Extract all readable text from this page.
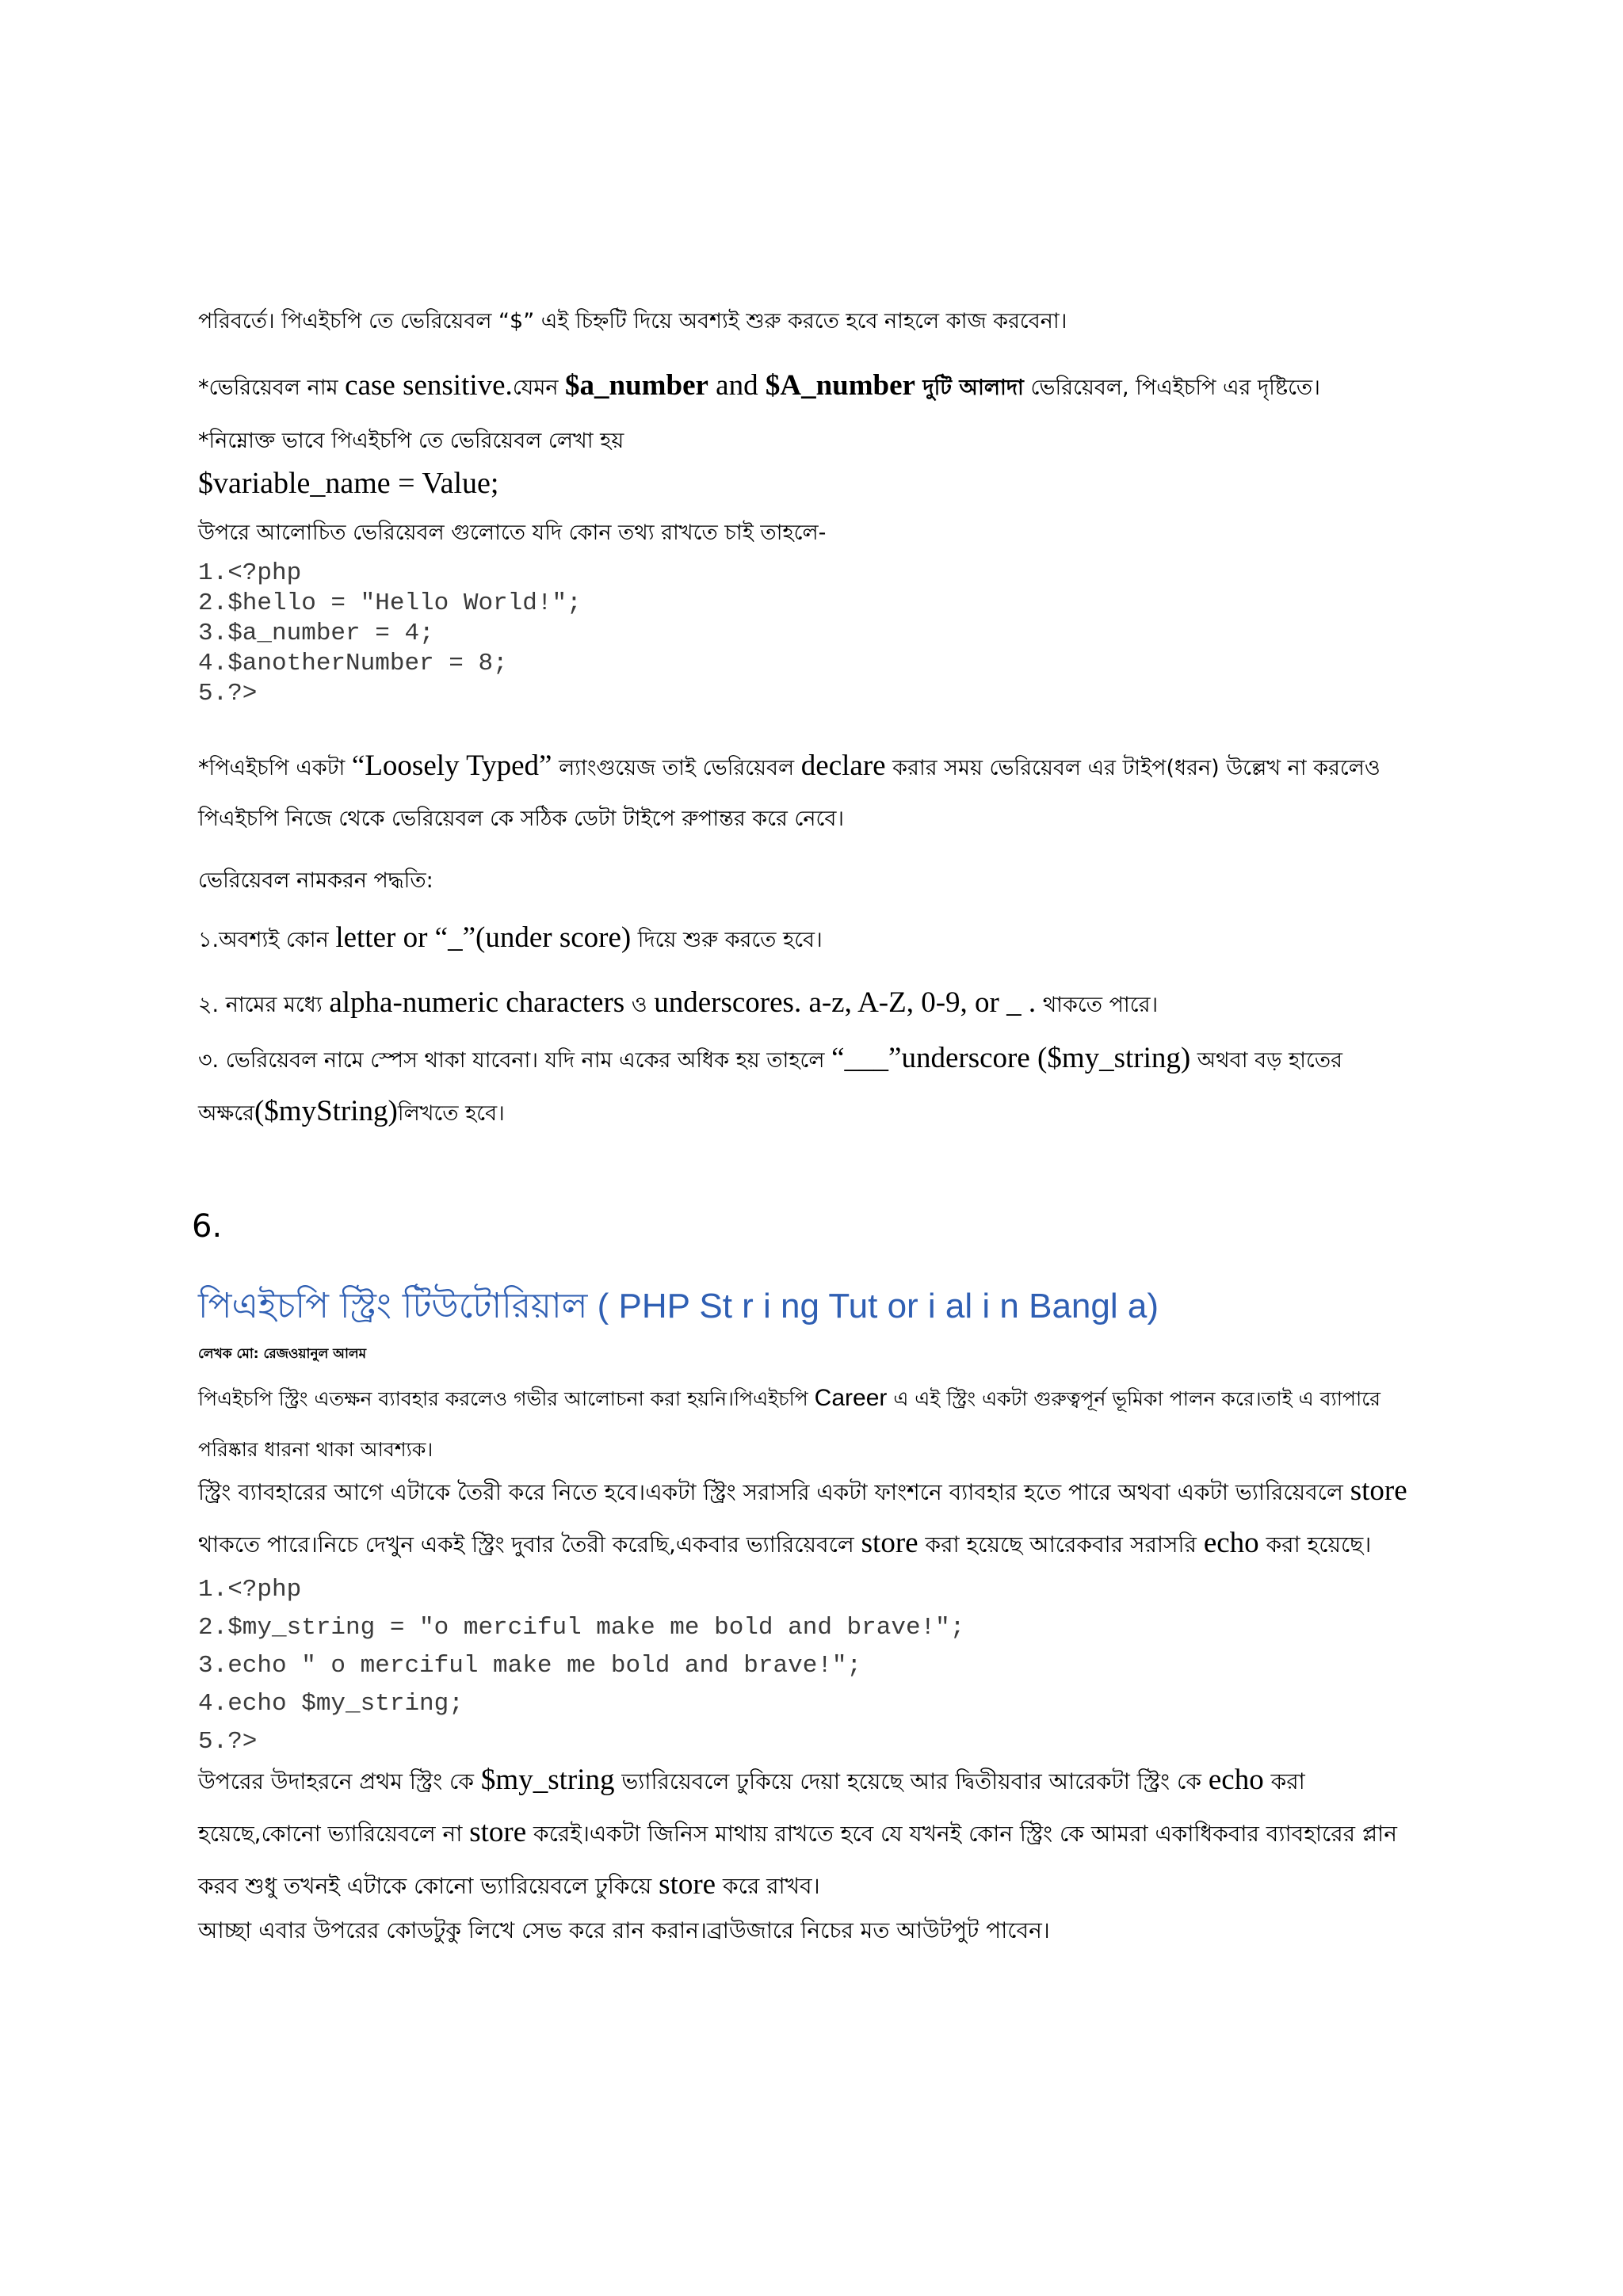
পরিবর্তে। পিএইচপি তে ভেরিয়েবল “$” এই চিহ্নটি দিয়ে অবশ্যই শুরু করতে হবে নাহলে কাজ করবেনা।
*ভেরিয়েবল নাম case sensitive.যেমন $a_number and $A_number দুটি আলাদা ভেরিয়েবল, পিএইচপি এর দৃষ্টিতে।
*নিম্নোক্ত ভাবে পিএইচপি তে ভেরিয়েবল লেখা হয়
$variable_name = Value;
উপরে আলোচিত ভেরিয়েবল গুলোতে যদি কোন তথ্য রাখতে চাই তাহলে-
1.<?php
2.$hello = "Hello World!";
3.$a_number = 4;
4.$anotherNumber = 8;
5.?>
*পিএইচপি একটা “Loosely Typed” ল্যাংগুয়েজ তাই ভেরিয়েবল declare করার সময় ভেরিয়েবল এর টাইপ(ধরন) উল্লেখ না করলেও পিএইচপি নিজে থেকে ভেরিয়েবল কে সঠিক ডেটা টাইপে রুপান্তর করে নেবে।
ভেরিয়েবল নামকরন পদ্ধতি:
১.অবশ্যই কোন letter or “_”(under score) দিয়ে শুরু করতে হবে।
২. নামের মধ্যে alpha-numeric characters ও underscores. a-z, A-Z, 0-9, or _ . থাকতে পারে।
৩. ভেরিয়েবল নামে স্পেস থাকা যাবেনা। যদি নাম একের অধিক হয় তাহলে “___”underscore ($my_string) অথবা বড় হাতের অক্ষরে($myString)লিখতে হবে।
6.
পিএইচপি স্ট্রিং টিউটোরিয়াল ( PHP St r i ng Tut or i al i n Bangl a)
লেখক মো: রেজওয়ানুল আলম
পিএইচপি স্ট্রিং এতক্ষন ব্যাবহার করলেও গভীর আলোচনা করা হয়নি।পিএইচপি Career এ এই স্ট্রিং একটা গুরুত্বপূর্ন ভূমিকা পালন করে।তাই এ ব্যাপারে পরিষ্কার ধারনা থাকা আবশ্যক।
স্ট্রিং ব্যাবহারের আগে এটাকে তৈরী করে নিতে হবে।একটা স্ট্রিং সরাসরি একটা ফাংশনে ব্যাবহার হতে পারে অথবা একটা ভ্যারিয়েবলে store থাকতে পারে।নিচে দেখুন একই স্ট্রিং দুবার তৈরী করেছি,একবার ভ্যারিয়েবলে store করা হয়েছে আরেকবার সরাসরি echo করা হয়েছে।
1.<?php
2.$my_string = "o merciful make me bold and brave!";
3.echo " o merciful make me bold and brave!";
4.echo $my_string;
5.?>
উপরের উদাহরনে প্রথম স্ট্রিং কে $my_string ভ্যারিয়েবলে ঢুকিয়ে দেয়া হয়েছে আর দ্বিতীয়বার আরেকটা স্ট্রিং কে echo করা হয়েছে,কোনো ভ্যারিয়েবলে না store করেই।একটা জিনিস মাথায় রাখতে হবে যে যখনই কোন স্ট্রিং কে আমরা একাধিকবার ব্যাবহারের প্লান করব শুধু তখনই এটাকে কোনো ভ্যারিয়েবলে ঢুকিয়ে store করে রাখব।
আচ্ছা এবার উপরের কোডটুকু লিখে সেভ করে রান করান।ব্রাউজারে নিচের মত আউটপুট পাবেন।
